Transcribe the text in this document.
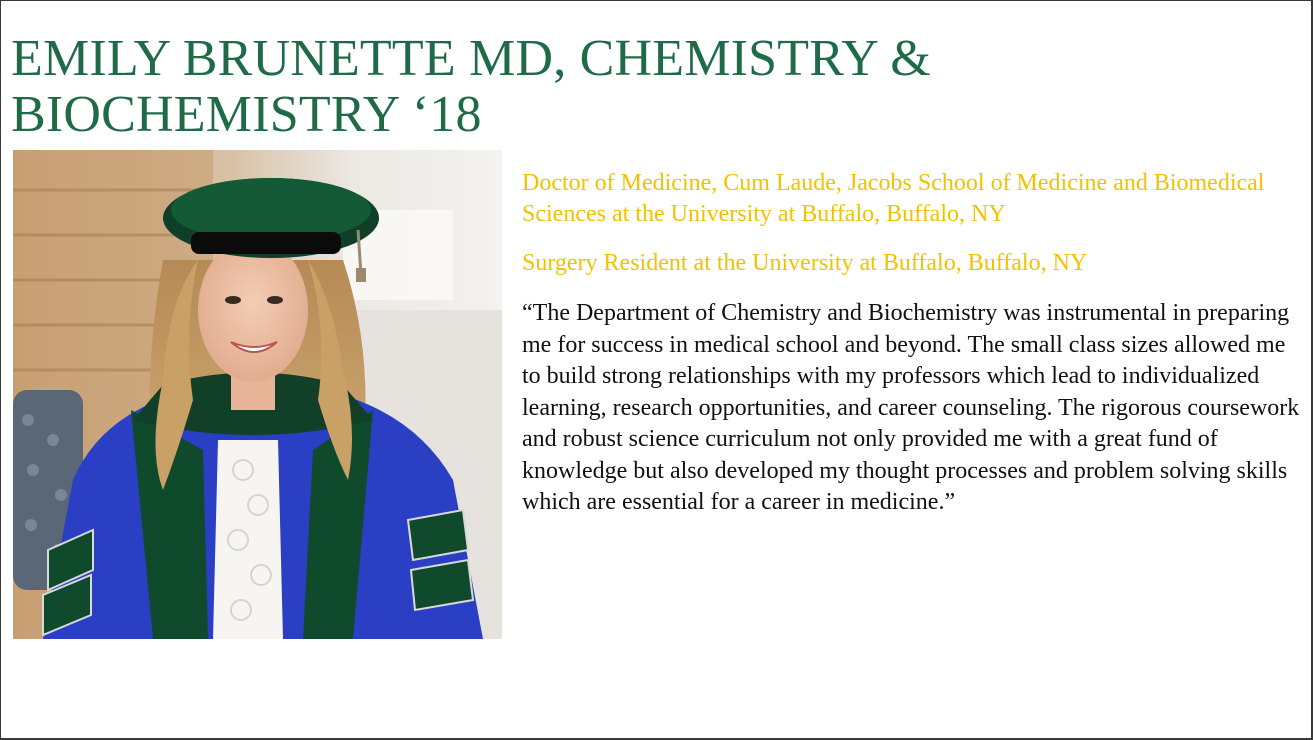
EMILY BRUNETTE MD, CHEMISTRY &
BIOCHEMISTRY ‘18

Doctor of Medicine, Cum Laude, Jacobs School of Medicine and Biomedical Sciences at the University at Buffalo, Buffalo, NY

Surgery Resident at the University at Buffalo, Buffalo, NY

“The Department of Chemistry and Biochemistry was instrumental in preparing me for success in medical school and beyond. The small class sizes allowed me to build strong relationships with my professors which lead to individualized learning, research opportunities, and career counseling. The rigorous coursework and robust science curriculum not only provided me with a great fund of knowledge but also developed my thought processes and problem solving skills which are essential for a career in medicine.”
